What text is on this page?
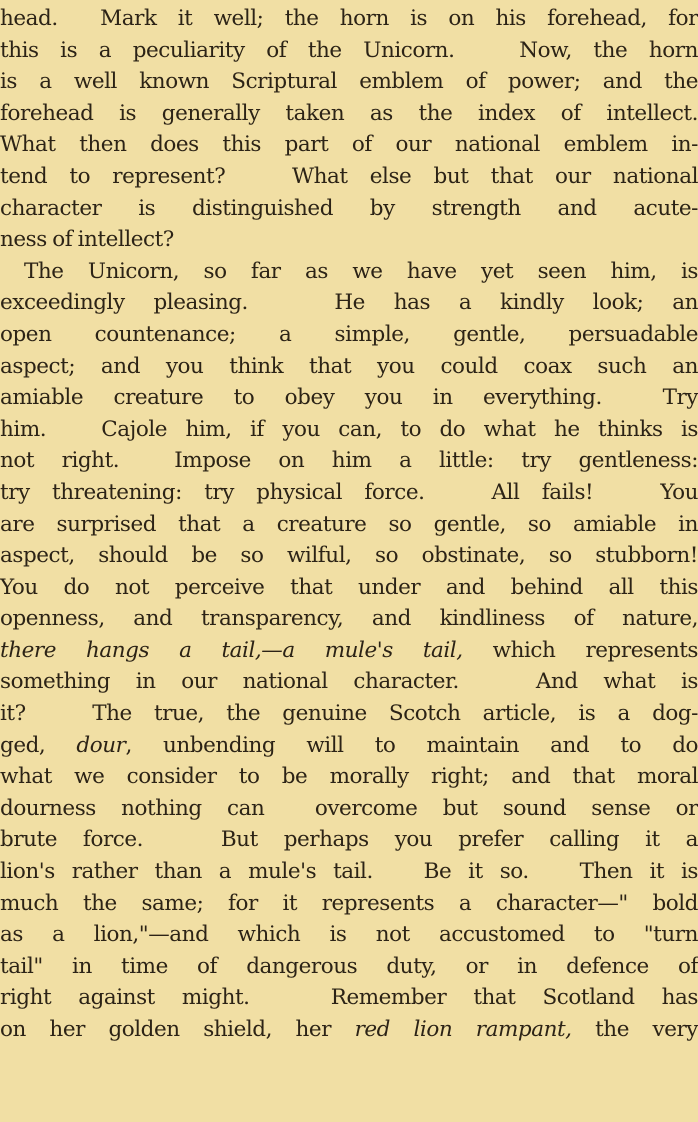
head.  Mark it well; the horn is on his forehead, for
this is a peculiarity of the Unicorn.   Now, the horn
is a well known Scriptural emblem of power; and the
forehead is generally taken as the index of intellect.
What then does this part of our national emblem in-
tend to represent?   What else but that our national
character is distinguished by strength and acute-
ness of intellect?
The Unicorn, so far as we have yet seen him, is
exceedingly pleasing.   He has a kindly look; an
open countenance; a simple, gentle, persuadable
aspect; and you think that you could coax such an
amiable creature to obey you in everything.  Try
him.   Cajole him, if you can, to do what he thinks is
not right.  Impose on him a little: try gentleness:
try threatening: try physical force.   All fails!   You
are surprised that a creature so gentle, so amiable in
aspect, should be so wilful, so obstinate, so stubborn!
You do not perceive that under and behind all this
openness, and transparency, and kindliness of nature,
there hangs a tail,—a mule's tail, which represents
something in our national character.   And what is
it?   The true, the genuine Scotch article, is a dog-
ged, dour, unbending will to maintain and to do
what we consider to be morally right; and that moral
dourness nothing can  overcome but sound sense or
brute force.   But perhaps you prefer calling it a
lion's rather than a mule's tail.   Be it so.   Then it is
much the same; for it represents a character—" bold
as a lion,"—and which is not accustomed to "turn
tail" in time of dangerous duty, or in defence of
right against might.   Remember that Scotland has
on her golden shield, her red lion rampant, the very
